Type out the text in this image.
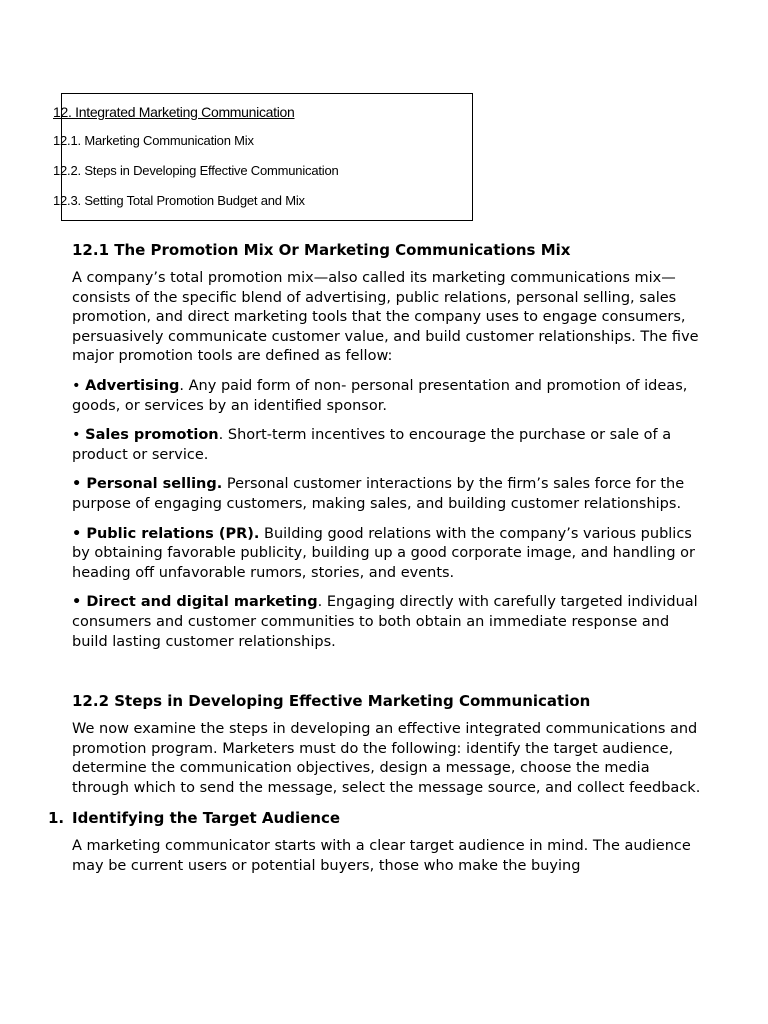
12. Integrated Marketing Communication
12.1. Marketing Communication Mix
12.2. Steps in Developing Effective Communication
12.3. Setting Total Promotion Budget and Mix
12.1 The Promotion Mix Or Marketing Communications Mix

A company’s total promotion mix—also called its marketing communications mix—consists of the specific blend of advertising, public relations, personal selling, sales promotion, and direct marketing tools that the company uses to engage consumers, persuasively communicate customer value, and build customer relationships. The five major promotion tools are defined as fellow:

• Advertising. Any paid form of non- personal presentation and promotion of ideas, goods, or services by an identified sponsor.

• Sales promotion. Short-term incentives to encourage the purchase or sale of a product or service.

• Personal selling. Personal customer interactions by the firm’s sales force for the purpose of engaging customers, making sales, and building customer relationships.

• Public relations (PR). Building good relations with the company’s various publics by obtaining favorable publicity, building up a good corporate image, and handling or heading off unfavorable rumors, stories, and events.

• Direct and digital marketing. Engaging directly with carefully targeted individual consumers and customer communities to both obtain an immediate response and build lasting customer relationships.

12.2 Steps in Developing Effective Marketing Communication

We now examine the steps in developing an effective integrated communications and promotion program. Marketers must do the following: identify the target audience, determine the communication objectives, design a message, choose the media through which to send the message, select the message source, and collect feedback.

1. Identifying the Target Audience

A marketing communicator starts with a clear target audience in mind. The audience may be current users or potential buyers, those who make the buying
